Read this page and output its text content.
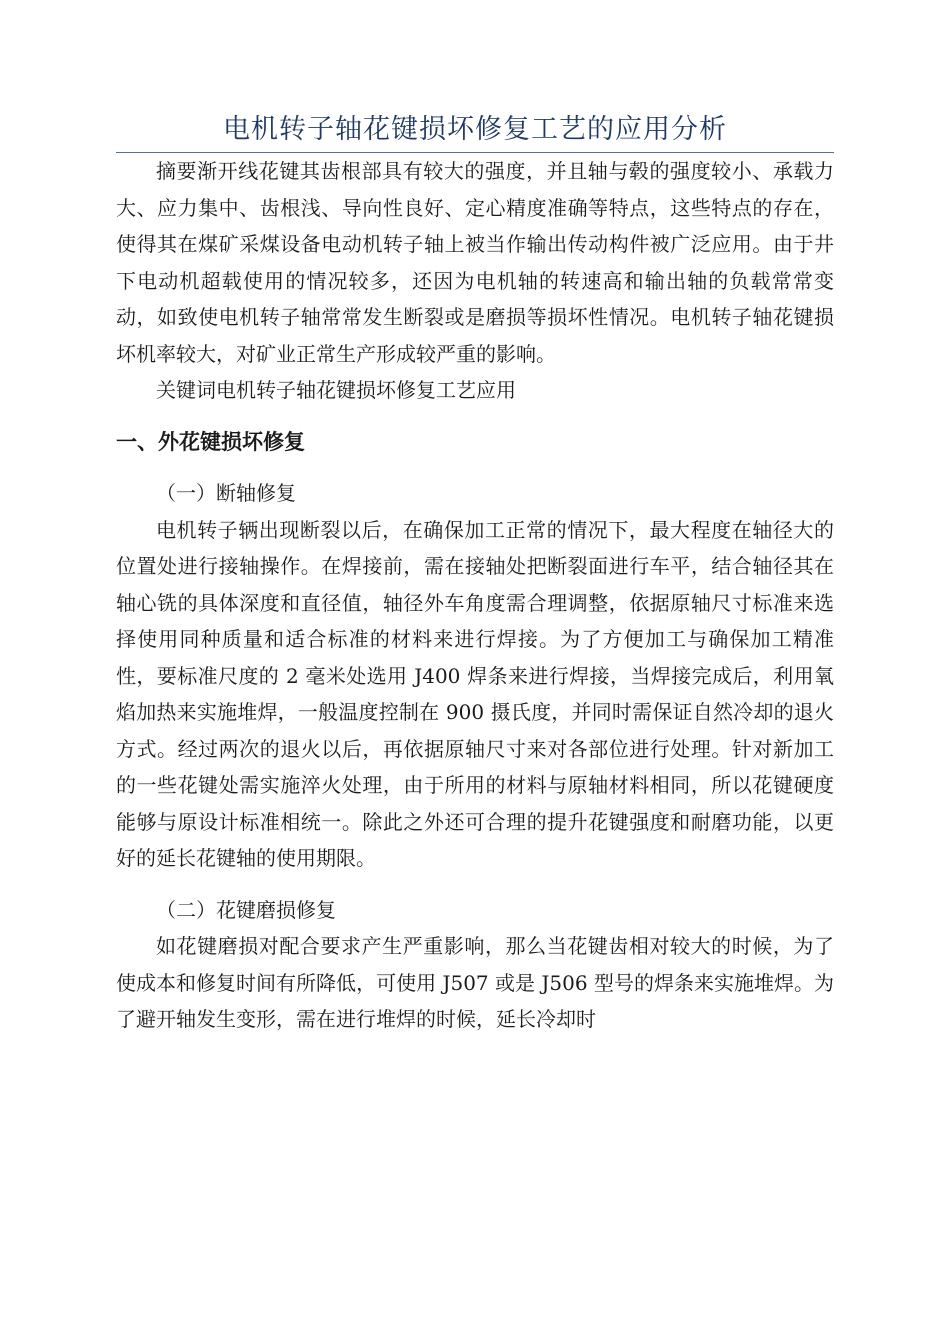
电机转子轴花键损坏修复工艺的应用分析

摘要渐开线花键其齿根部具有较大的强度，并且轴与毂的强度较小、承载力大、应力集中、齿根浅、导向性良好、定心精度准确等特点，这些特点的存在，使得其在煤矿采煤设备电动机转子轴上被当作输出传动构件被广泛应用。由于井下电动机超载使用的情况较多，还因为电机轴的转速高和输出轴的负载常常变动，如致使电机转子轴常常发生断裂或是磨损等损坏性情况。电机转子轴花键损坏机率较大，对矿业正常生产形成较严重的影响。

关键词电机转子轴花键损坏修复工艺应用

一、外花键损坏修复
（一）断轴修复

电机转子辆出现断裂以后，在确保加工正常的情况下，最大程度在轴径大的位置处进行接轴操作。在焊接前，需在接轴处把断裂面进行车平，结合轴径其在轴心铣的具体深度和直径值，轴径外车角度需合理调整，依据原轴尺寸标准来选择使用同种质量和适合标准的材料来进行焊接。为了方便加工与确保加工精准性，要标准尺度的 2 毫米处选用 J400 焊条来进行焊接，当焊接完成后，利用氧焰加热来实施堆焊，一般温度控制在 900 摄氏度，并同时需保证自然冷却的退火方式。经过两次的退火以后，再依据原轴尺寸来对各部位进行处理。针对新加工的一些花键处需实施淬火处理，由于所用的材料与原轴材料相同，所以花键硬度能够与原设计标准相统一。除此之外还可合理的提升花键强度和耐磨功能，以更好的延长花键轴的使用期限。

（二）花键磨损修复

如花键磨损对配合要求产生严重影响，那么当花键齿相对较大的时候，为了使成本和修复时间有所降低，可使用 J507 或是 J506 型号的焊条来实施堆焊。为了避开轴发生变形，需在进行堆焊的时候，延长冷却时
